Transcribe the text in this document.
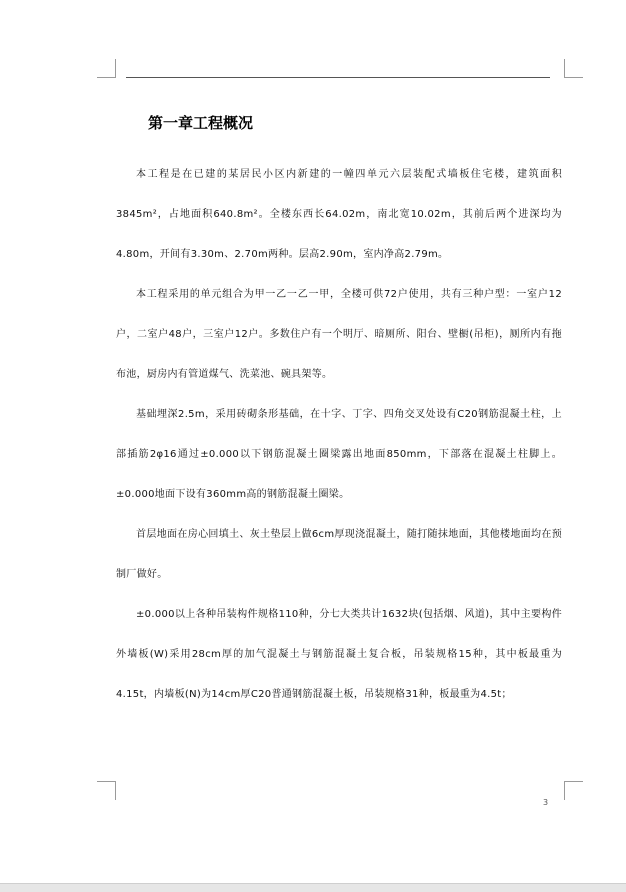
第一章工程概况

本工程是在已建的某居民小区内新建的一幢四单元六层装配式墙板住宅楼，建筑面积3845m²，占地面积640.8m²。全楼东西长64.02m，南北宽10.02m，其前后两个进深均为4.80m，开间有3.30m、2.70m两种。层高2.90m，室内净高2.79m。

本工程采用的单元组合为甲一乙一乙一甲，全楼可供72户使用，共有三种户型：一室户12户，二室户48户，三室户12户。多数住户有一个明厅、暗厕所、阳台、壁橱(吊柜)，厕所内有拖布池，厨房内有管道煤气、洗菜池、碗具架等。

基础埋深2.5m，采用砖砌条形基础，在十字、丁字、四角交叉处设有C20钢筋混凝土柱，上部插筋2φ16通过±0.000以下钢筋混凝土圈梁露出地面850mm，下部落在混凝土柱脚上。±0.000地面下设有360mm高的钢筋混凝土圈梁。

首层地面在房心回填土、灰土垫层上做6cm厚现浇混凝土，随打随抹地面，其他楼地面均在预制厂做好。

±0.000以上各种吊装构件规格110种，分七大类共计1632块(包括烟、风道)，其中主要构件外墙板(W)采用28cm厚的加气混凝土与钢筋混凝土复合板，吊装规格15种，其中板最重为4.15t，内墙板(N)为14cm厚C20普通钢筋混凝土板，吊装规格31种，板最重为4.5t；

3
